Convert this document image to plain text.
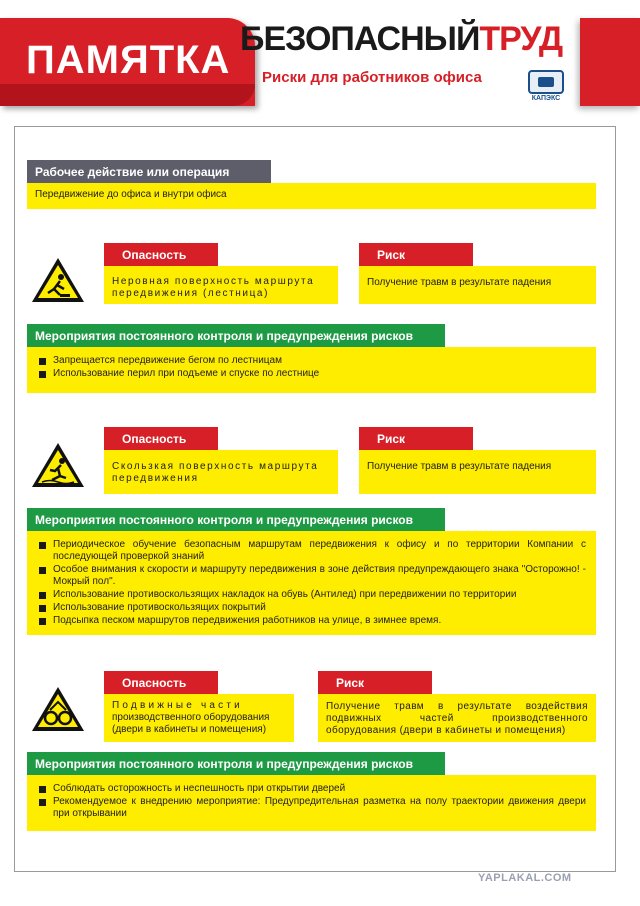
ПАМЯТКА БЕЗОПАСНЫЙТРУД
Риски для работников офиса
КАПЭКС
Рабочее действие или операция
Передвижение до офиса и внутри офиса
Опасность
Неровная поверхность маршрута передвижения (лестница)
Риск
Получение травм в результате падения
Мероприятия постоянного контроля и предупреждения рисков
Запрещается передвижение бегом по лестницам
Использование перил при подъеме и спуске по лестнице
Опасность
Скользкая поверхность маршрута передвижения
Риск
Получение травм в результате падения
Мероприятия постоянного контроля и предупреждения рисков
Периодическое обучение безопасным маршрутам передвижения к офису и по территории Компании с последующей проверкой знаний
Особое внимания к скорости и маршруту передвижения в зоне действия предупреждающего знака "Осторожно! - Мокрый пол".
Использование противоскользящих накладок на обувь (Антилед) при передвижении по территории
Использование противоскользящих покрытий
Подсыпка песком маршрутов передвижения работников на улице, в зимнее время.
Опасность
Подвижные части
производственного оборудования (двери в кабинеты и помещения)
Риск
Получение травм в результате воздействия подвижных частей производственного оборудования (двери в кабинеты и помещения)
Мероприятия постоянного контроля и предупреждения рисков
Соблюдать осторожность и неспешность при открытии дверей
Рекомендуемое к внедрению мероприятие: Предупредительная разметка на полу траектории движения двери при открывании
YAPLAKAL.COM
